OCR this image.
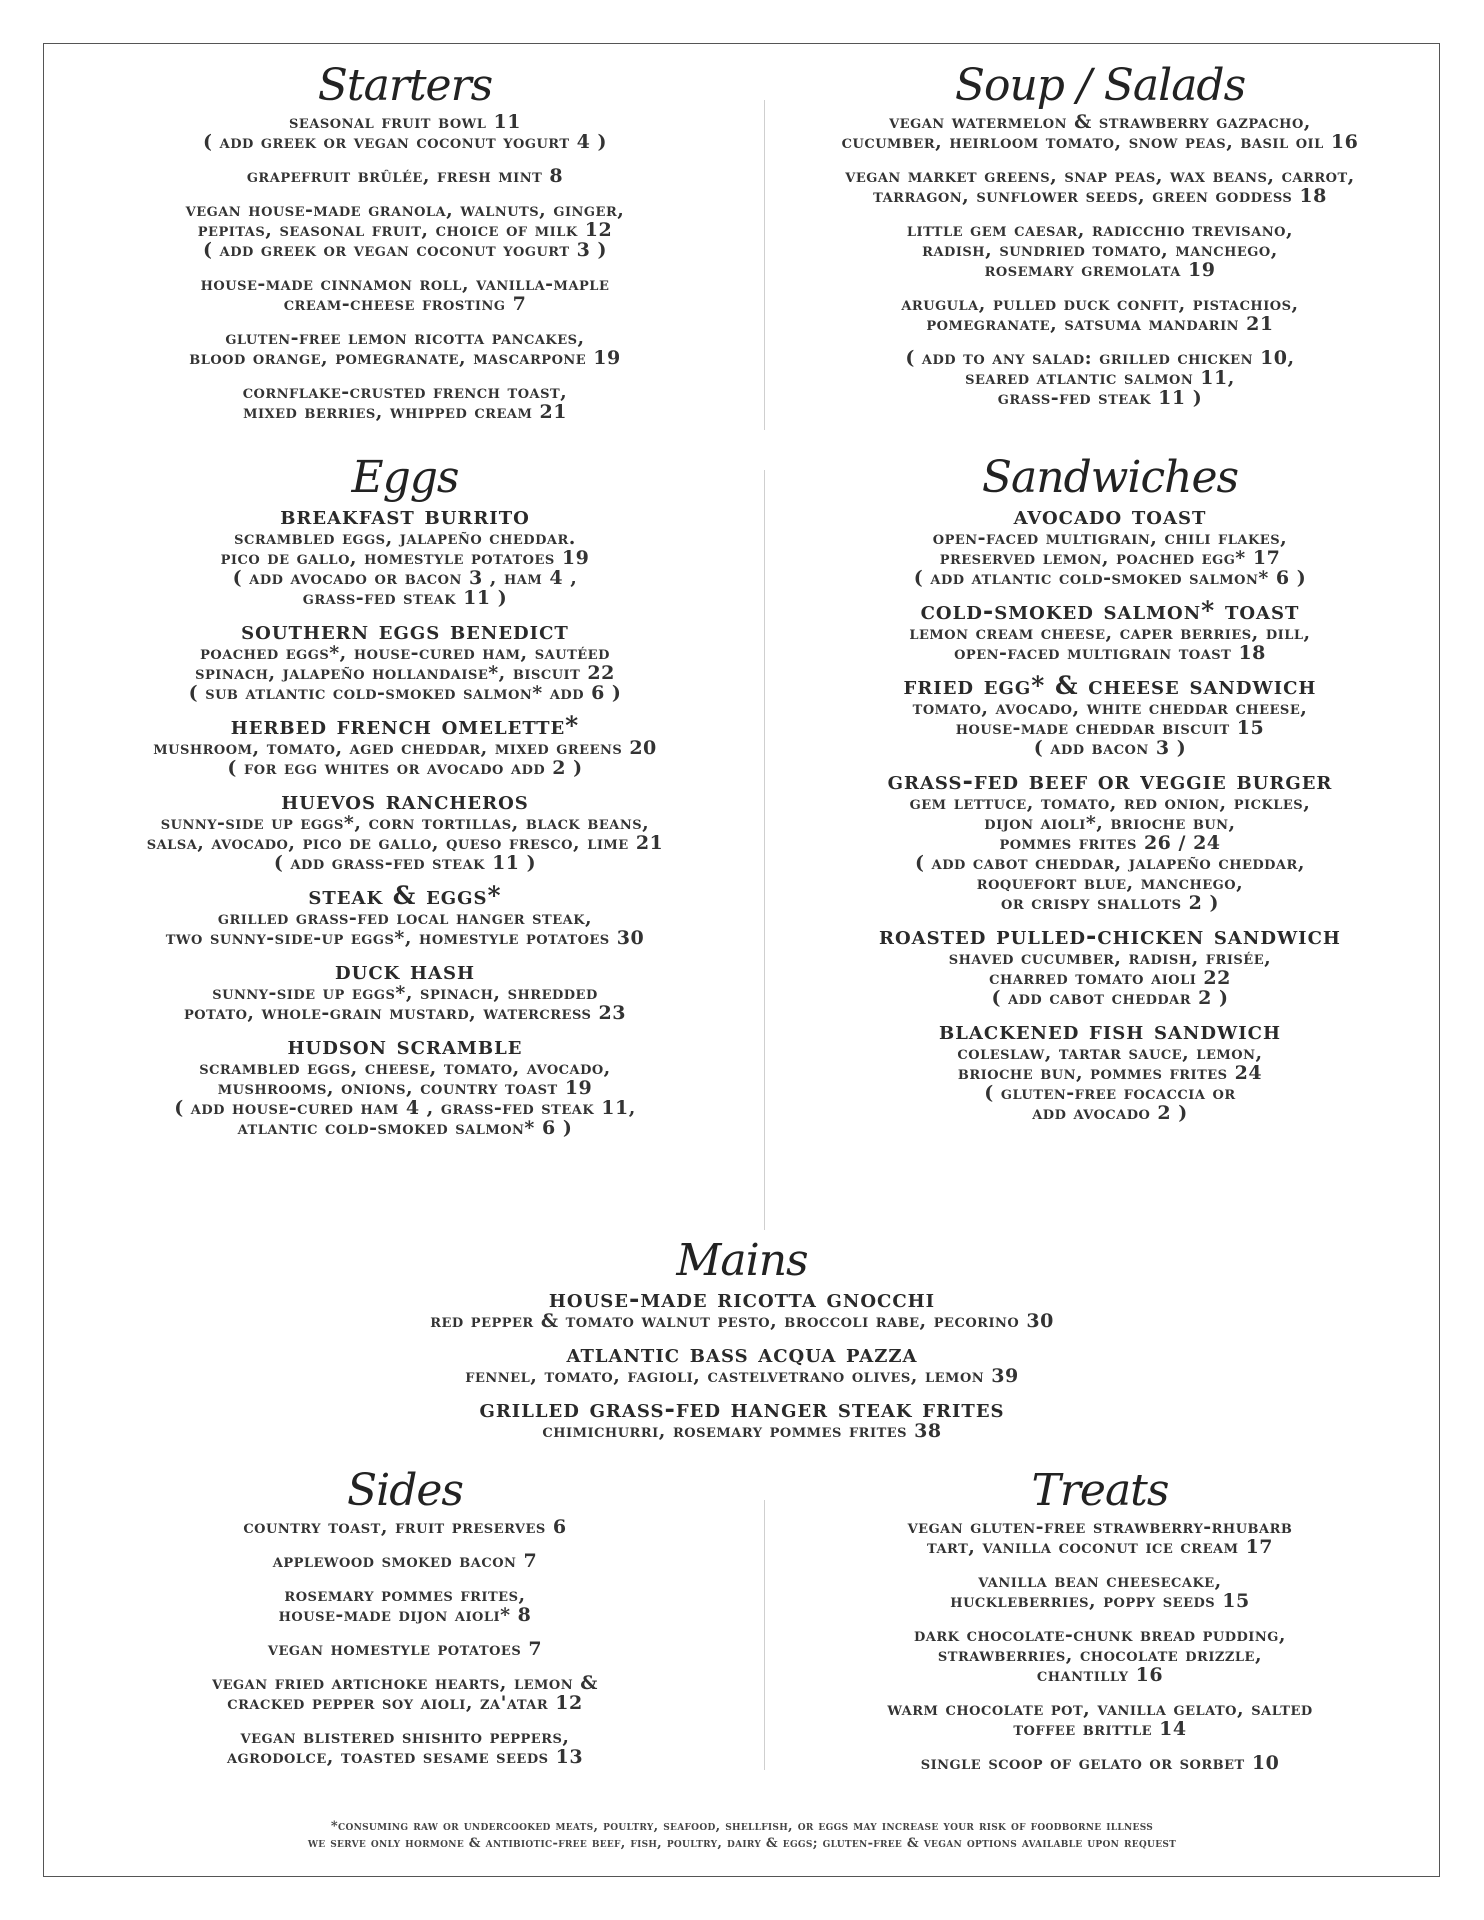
Starters

seasonal fruit bowl 11

( add greek or vegan coconut yogurt 4 )

grapefruit brûlée, fresh mint 8

vegan house-made granola, walnuts, ginger,

pepitas, seasonal fruit, choice of milk 12

( add greek or vegan coconut yogurt 3 )

house-made cinnamon roll, vanilla-maple

cream-cheese frosting 7

gluten-free lemon ricotta pancakes,

blood orange, pomegranate, mascarpone 19

cornflake-crusted french toast,

mixed berries, whipped cream 21

Soup / Salads

vegan watermelon & strawberry gazpacho,

cucumber, heirloom tomato, snow peas, basil oil 16

vegan market greens, snap peas, wax beans, carrot,

tarragon, sunflower seeds, green goddess 18

little gem caesar, radicchio trevisano,

radish, sundried tomato, manchego,

rosemary gremolata 19

arugula, pulled duck confit, pistachios,

pomegranate, satsuma mandarin 21

( add to any salad: grilled chicken 10,

seared atlantic salmon 11,

grass-fed steak 11 )

Eggs

breakfast burrito

scrambled eggs, jalapeño cheddar.

pico de gallo, homestyle potatoes 19

( add avocado or bacon 3 , ham 4 ,

grass-fed steak 11 )

southern eggs benedict

poached eggs*, house-cured ham, sautéed

spinach, jalapeño hollandaise*, biscuit 22

( sub atlantic cold-smoked salmon* add 6 )

herbed french omelette*

mushroom, tomato, aged cheddar, mixed greens 20

( for egg whites or avocado add 2 )

huevos rancheros

sunny-side up eggs*, corn tortillas, black beans,

salsa, avocado, pico de gallo, queso fresco, lime 21

( add grass-fed steak 11 )

steak & eggs*

grilled grass-fed local hanger steak,

two sunny-side-up eggs*, homestyle potatoes 30

duck hash

sunny-side up eggs*, spinach, shredded

potato, whole-grain mustard, watercress 23

hudson scramble

scrambled eggs, cheese, tomato, avocado,

mushrooms, onions, country toast 19

( add house-cured ham 4 , grass-fed steak 11,

atlantic cold-smoked salmon* 6 )

Sandwiches

avocado toast

open-faced multigrain, chili flakes,

preserved lemon, poached egg* 17

( add atlantic cold-smoked salmon* 6 )

cold-smoked salmon* toast

lemon cream cheese, caper berries, dill,

open-faced multigrain toast 18

fried egg* & cheese sandwich

tomato, avocado, white cheddar cheese,

house-made cheddar biscuit 15

( add bacon 3 )

grass-fed beef or veggie burger

gem lettuce, tomato, red onion, pickles,

dijon aioli*, brioche bun,

pommes frites 26 / 24

( add cabot cheddar, jalapeño cheddar,

roquefort blue, manchego,

or crispy shallots 2 )

roasted pulled-chicken sandwich

shaved cucumber, radish, frisée,

charred tomato aioli 22

( add cabot cheddar 2 )

blackened fish sandwich

coleslaw, tartar sauce, lemon,

brioche bun, pommes frites 24

( gluten-free focaccia or

add avocado 2 )

Mains

house-made ricotta gnocchi

red pepper & tomato walnut pesto, broccoli rabe, pecorino 30

atlantic bass acqua pazza

fennel, tomato, fagioli, castelvetrano olives, lemon 39

grilled grass-fed hanger steak frites

chimichurri, rosemary pommes frites 38

Sides

country toast, fruit preserves 6

applewood smoked bacon 7

rosemary pommes frites,

house-made dijon aioli* 8

vegan homestyle potatoes 7

vegan fried artichoke hearts, lemon &

cracked pepper soy aioli, za'atar 12

vegan blistered shishito peppers,

agrodolce, toasted sesame seeds 13

Treats

vegan gluten-free strawberry-rhubarb

tart, vanilla coconut ice cream 17

vanilla bean cheesecake,

huckleberries, poppy seeds 15

dark chocolate-chunk bread pudding,

strawberries, chocolate drizzle,

chantilly 16

warm chocolate pot, vanilla gelato, salted

toffee brittle 14

single scoop of gelato or sorbet 10

*consuming raw or undercooked meats, poultry, seafood, shellfish, or eggs may increase your risk of foodborne illness

we serve only hormone & antibiotic-free beef, fish, poultry, dairy & eggs; gluten-free & vegan options available upon request
